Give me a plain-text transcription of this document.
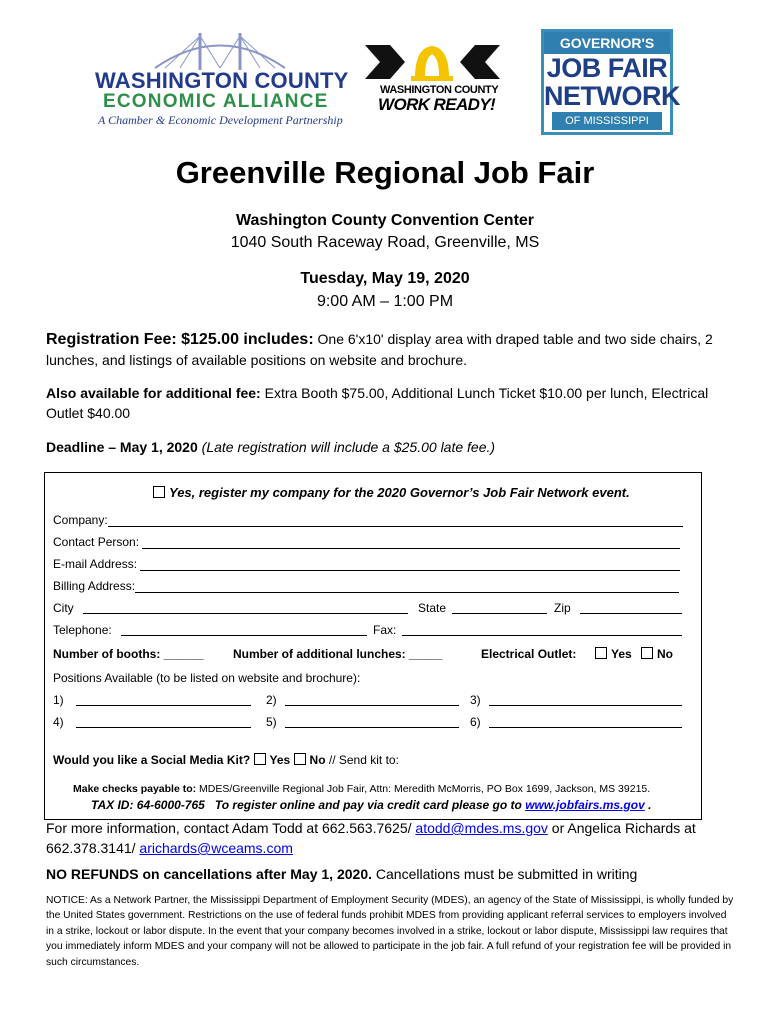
WASHINGTON COUNTY
ECONOMIC ALLIANCE
A Chamber & Economic Development Partnership
WASHINGTON COUNTY
WORK READY!
GOVERNOR'S
JOB FAIR
NETWORK
OF MISSISSIPPI
Greenville Regional Job Fair
Washington County Convention Center
1040 South Raceway Road, Greenville, MS
Tuesday, May 19, 2020
9:00 AM – 1:00 PM
Registration Fee: $125.00 includes: One 6'x10' display area with draped table and two side chairs, 2 lunches, and listings of available positions on website and brochure.
Also available for additional fee: Extra Booth $75.00, Additional Lunch Ticket $10.00 per lunch, Electrical Outlet $40.00
Deadline – May 1, 2020 (Late registration will include a $25.00 late fee.)
Yes, register my company for the 2020 Governor’s Job Fair Network event.
Company:
Contact Person:
E-mail Address:
Billing Address:
City	State	Zip
Telephone:	Fax:
Number of booths: ______ Number of additional lunches: _____	Electrical Outlet:	Yes	No
Positions Available (to be listed on website and brochure):
1)	2)	3)
4)	5)	6)
Would you like a Social Media Kit? Yes No // Send kit to:
Make checks payable to: MDES/Greenville Regional Job Fair, Attn: Meredith McMorris, PO Box 1699, Jackson, MS 39215.
TAX ID: 64-6000-765 To register online and pay via credit card please go to www.jobfairs.ms.gov .
For more information, contact Adam Todd at 662.563.7625/ atodd@mdes.ms.gov or Angelica Richards at
662.378.3141/ arichards@wceams.com
NO REFUNDS on cancellations after May 1, 2020. Cancellations must be submitted in writing
NOTICE: As a Network Partner, the Mississippi Department of Employment Security (MDES), an agency of the State of Mississippi, is wholly funded by the United States government. Restrictions on the use of federal funds prohibit MDES from providing applicant referral services to employers involved in a strike, lockout or labor dispute. In the event that your company becomes involved in a strike, lockout or labor dispute, Mississippi law requires that you immediately inform MDES and your company will not be allowed to participate in the job fair. A full refund of your registration fee will be provided in such circumstances.
